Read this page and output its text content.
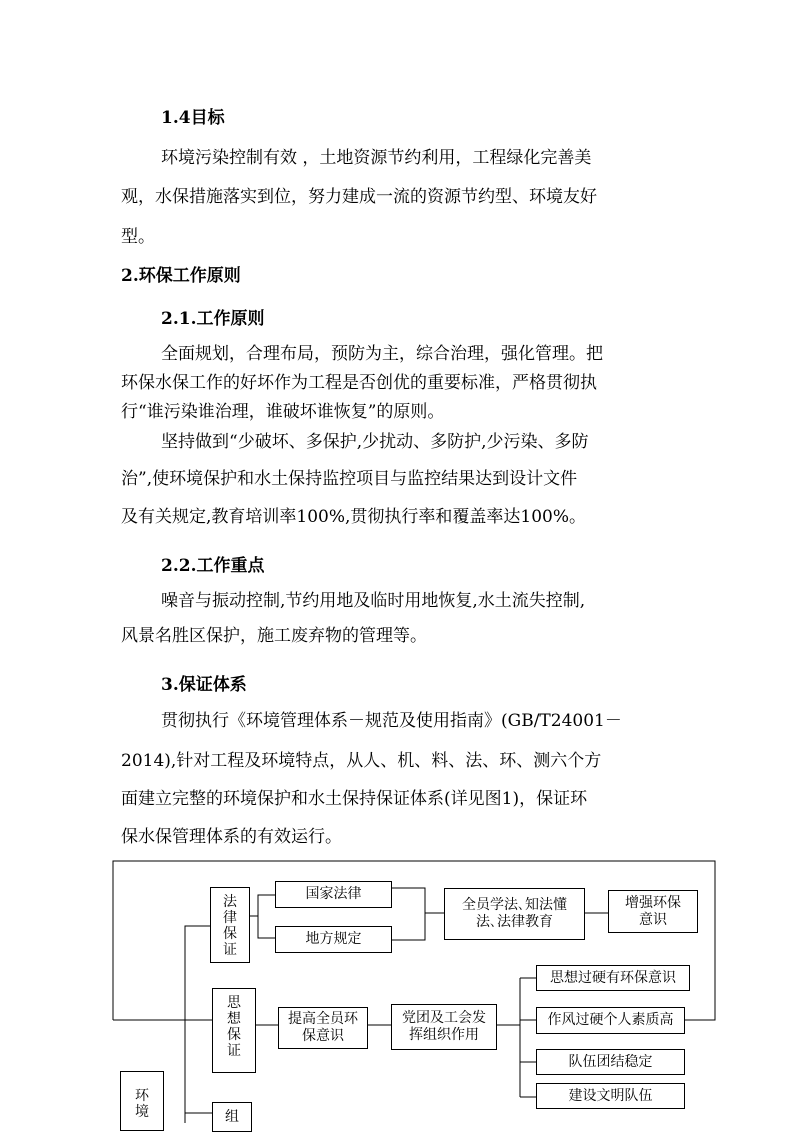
1.4目标

环境污染控制有效 ，土地资源节约利用，工程绿化完善美

观，水保措施落实到位，努力建成一流的资源节约型、环境友好

型。

2.环保工作原则
2.1.工作原则

全面规划，合理布局，预防为主，综合治理，强化管理。把

环保水保工作的好坏作为工程是否创优的重要标准，严格贯彻执

行“谁污染谁治理，谁破坏谁恢复”的原则。

坚持做到“少破坏、多保护,少扰动、多防护,少污染、多防

治”,使环境保护和水土保持监控项目与监控结果达到设计文件

及有关规定,教育培训率100%,贯彻执行率和覆盖率达100%。

2.2.工作重点

噪音与振动控制,节约用地及临时用地恢复,水土流失控制,

风景名胜区保护，施工废弃物的管理等。

3.保证体系

贯彻执行《环境管理体系－规范及使用指南》(GB/T24001－

2014),针对工程及环境特点，从人、机、料、法、环、测六个方

面建立完整的环境保护和水土保持保证体系(详见图1)，保证环

保水保管理体系的有效运行。

法律保证
国家法律
地方规定
全员学法､知法懂法､法律教育
增强环保意识
思想保证
提高全员环保意识
党团及工会发挥组织作用
思想过硬有环保意识
作风过硬个人素质高
队伍团结稳定
建设文明队伍
环境	组
